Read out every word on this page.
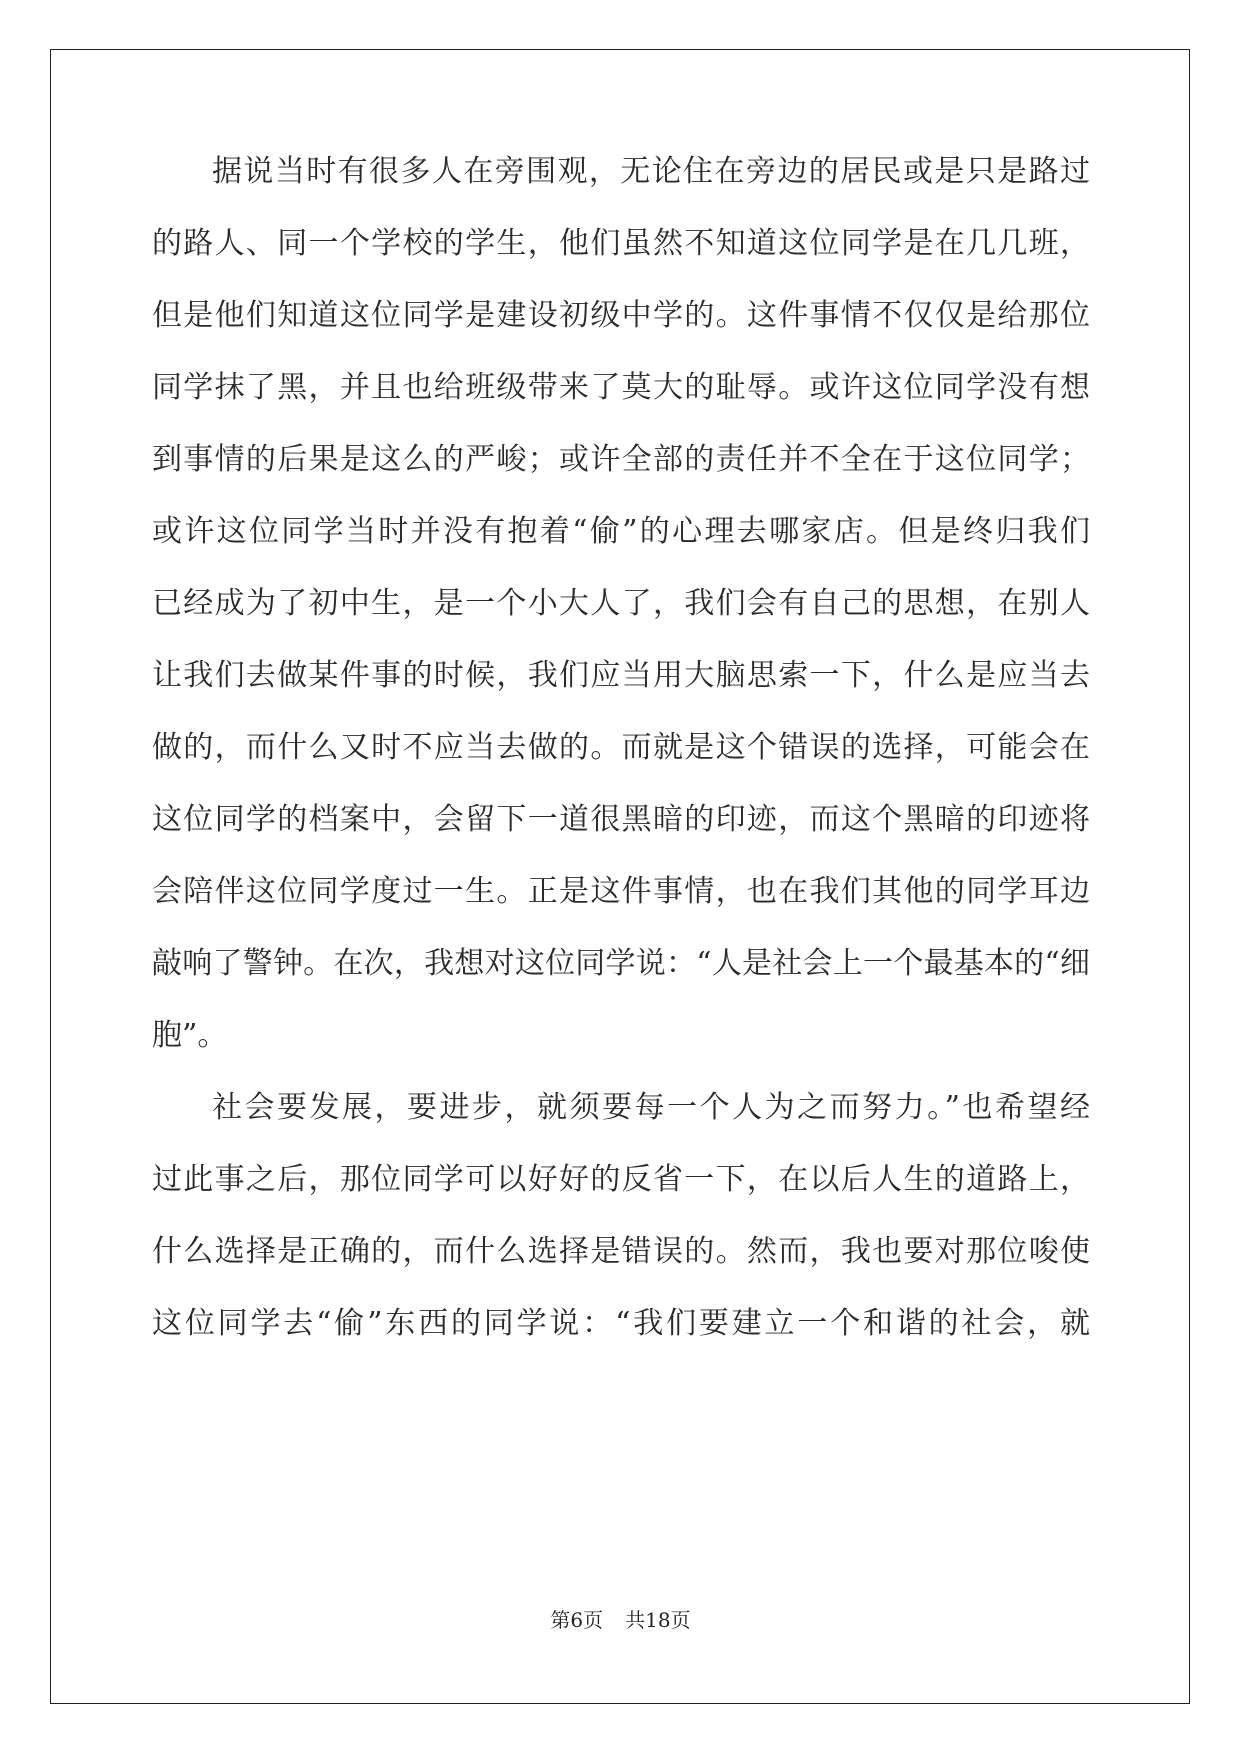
据说当时有很多人在旁围观，无论住在旁边的居民或是只是路过
的路人、同一个学校的学生，他们虽然不知道这位同学是在几几班，
但是他们知道这位同学是建设初级中学的。这件事情不仅仅是给那位
同学抹了黑，并且也给班级带来了莫大的耻辱。或许这位同学没有想
到事情的后果是这么的严峻；或许全部的责任并不全在于这位同学；
或许这位同学当时并没有抱着“偷”的心理去哪家店。但是终归我们
已经成为了初中生，是一个小大人了，我们会有自己的思想，在别人
让我们去做某件事的时候，我们应当用大脑思索一下，什么是应当去
做的，而什么又时不应当去做的。而就是这个错误的选择，可能会在
这位同学的档案中，会留下一道很黑暗的印迹，而这个黑暗的印迹将
会陪伴这位同学度过一生。正是这件事情，也在我们其他的同学耳边
敲响了警钟。在次，我想对这位同学说：“人是社会上一个最基本的“细
胞”。
社会要发展，要进步，就须要每一个人为之而努力。”也希望经
过此事之后，那位同学可以好好的反省一下，在以后人生的道路上，
什么选择是正确的，而什么选择是错误的。然而，我也要对那位唆使
这位同学去“偷”东西的同学说：“我们要建立一个和谐的社会，就
第6页 共18页
